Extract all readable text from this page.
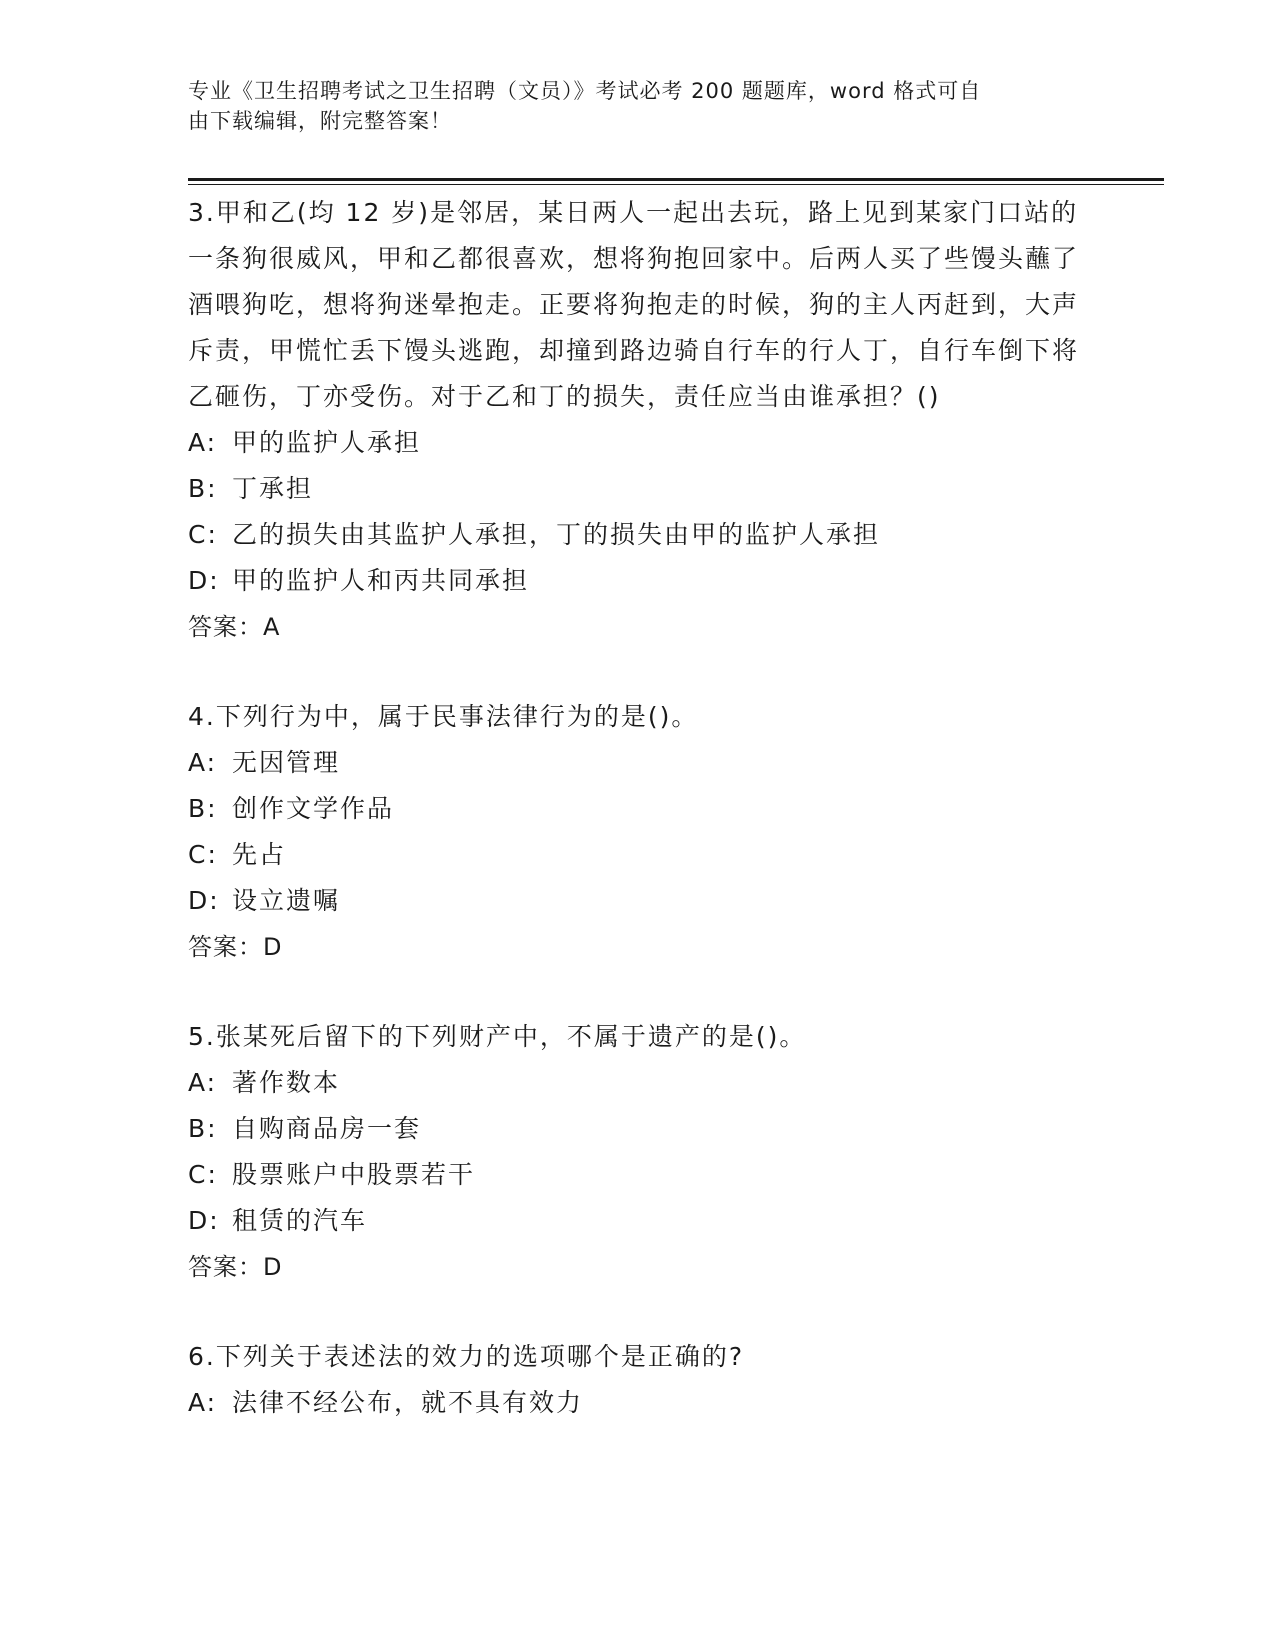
专业《卫生招聘考试之卫生招聘（文员）》考试必考 200 题题库，word 格式可自
由下载编辑，附完整答案！

3.甲和乙(均 12 岁)是邻居，某日两人一起出去玩，路上见到某家门口站的一条狗很威风，甲和乙都很喜欢，想将狗抱回家中。后两人买了些馒头蘸了酒喂狗吃，想将狗迷晕抱走。正要将狗抱走的时候，狗的主人丙赶到，大声斥责，甲慌忙丢下馒头逃跑，却撞到路边骑自行车的行人丁，自行车倒下将乙砸伤，丁亦受伤。对于乙和丁的损失，责任应当由谁承担？()

A: 甲的监护人承担

B: 丁承担

C: 乙的损失由其监护人承担，丁的损失由甲的监护人承担

D: 甲的监护人和丙共同承担

答案：A

4.下列行为中，属于民事法律行为的是()。

A: 无因管理

B: 创作文学作品

C: 先占

D: 设立遗嘱

答案：D

5.张某死后留下的下列财产中，不属于遗产的是()。

A: 著作数本

B: 自购商品房一套

C: 股票账户中股票若干

D: 租赁的汽车

答案：D

6.下列关于表述法的效力的选项哪个是正确的?

A: 法律不经公布，就不具有效力
